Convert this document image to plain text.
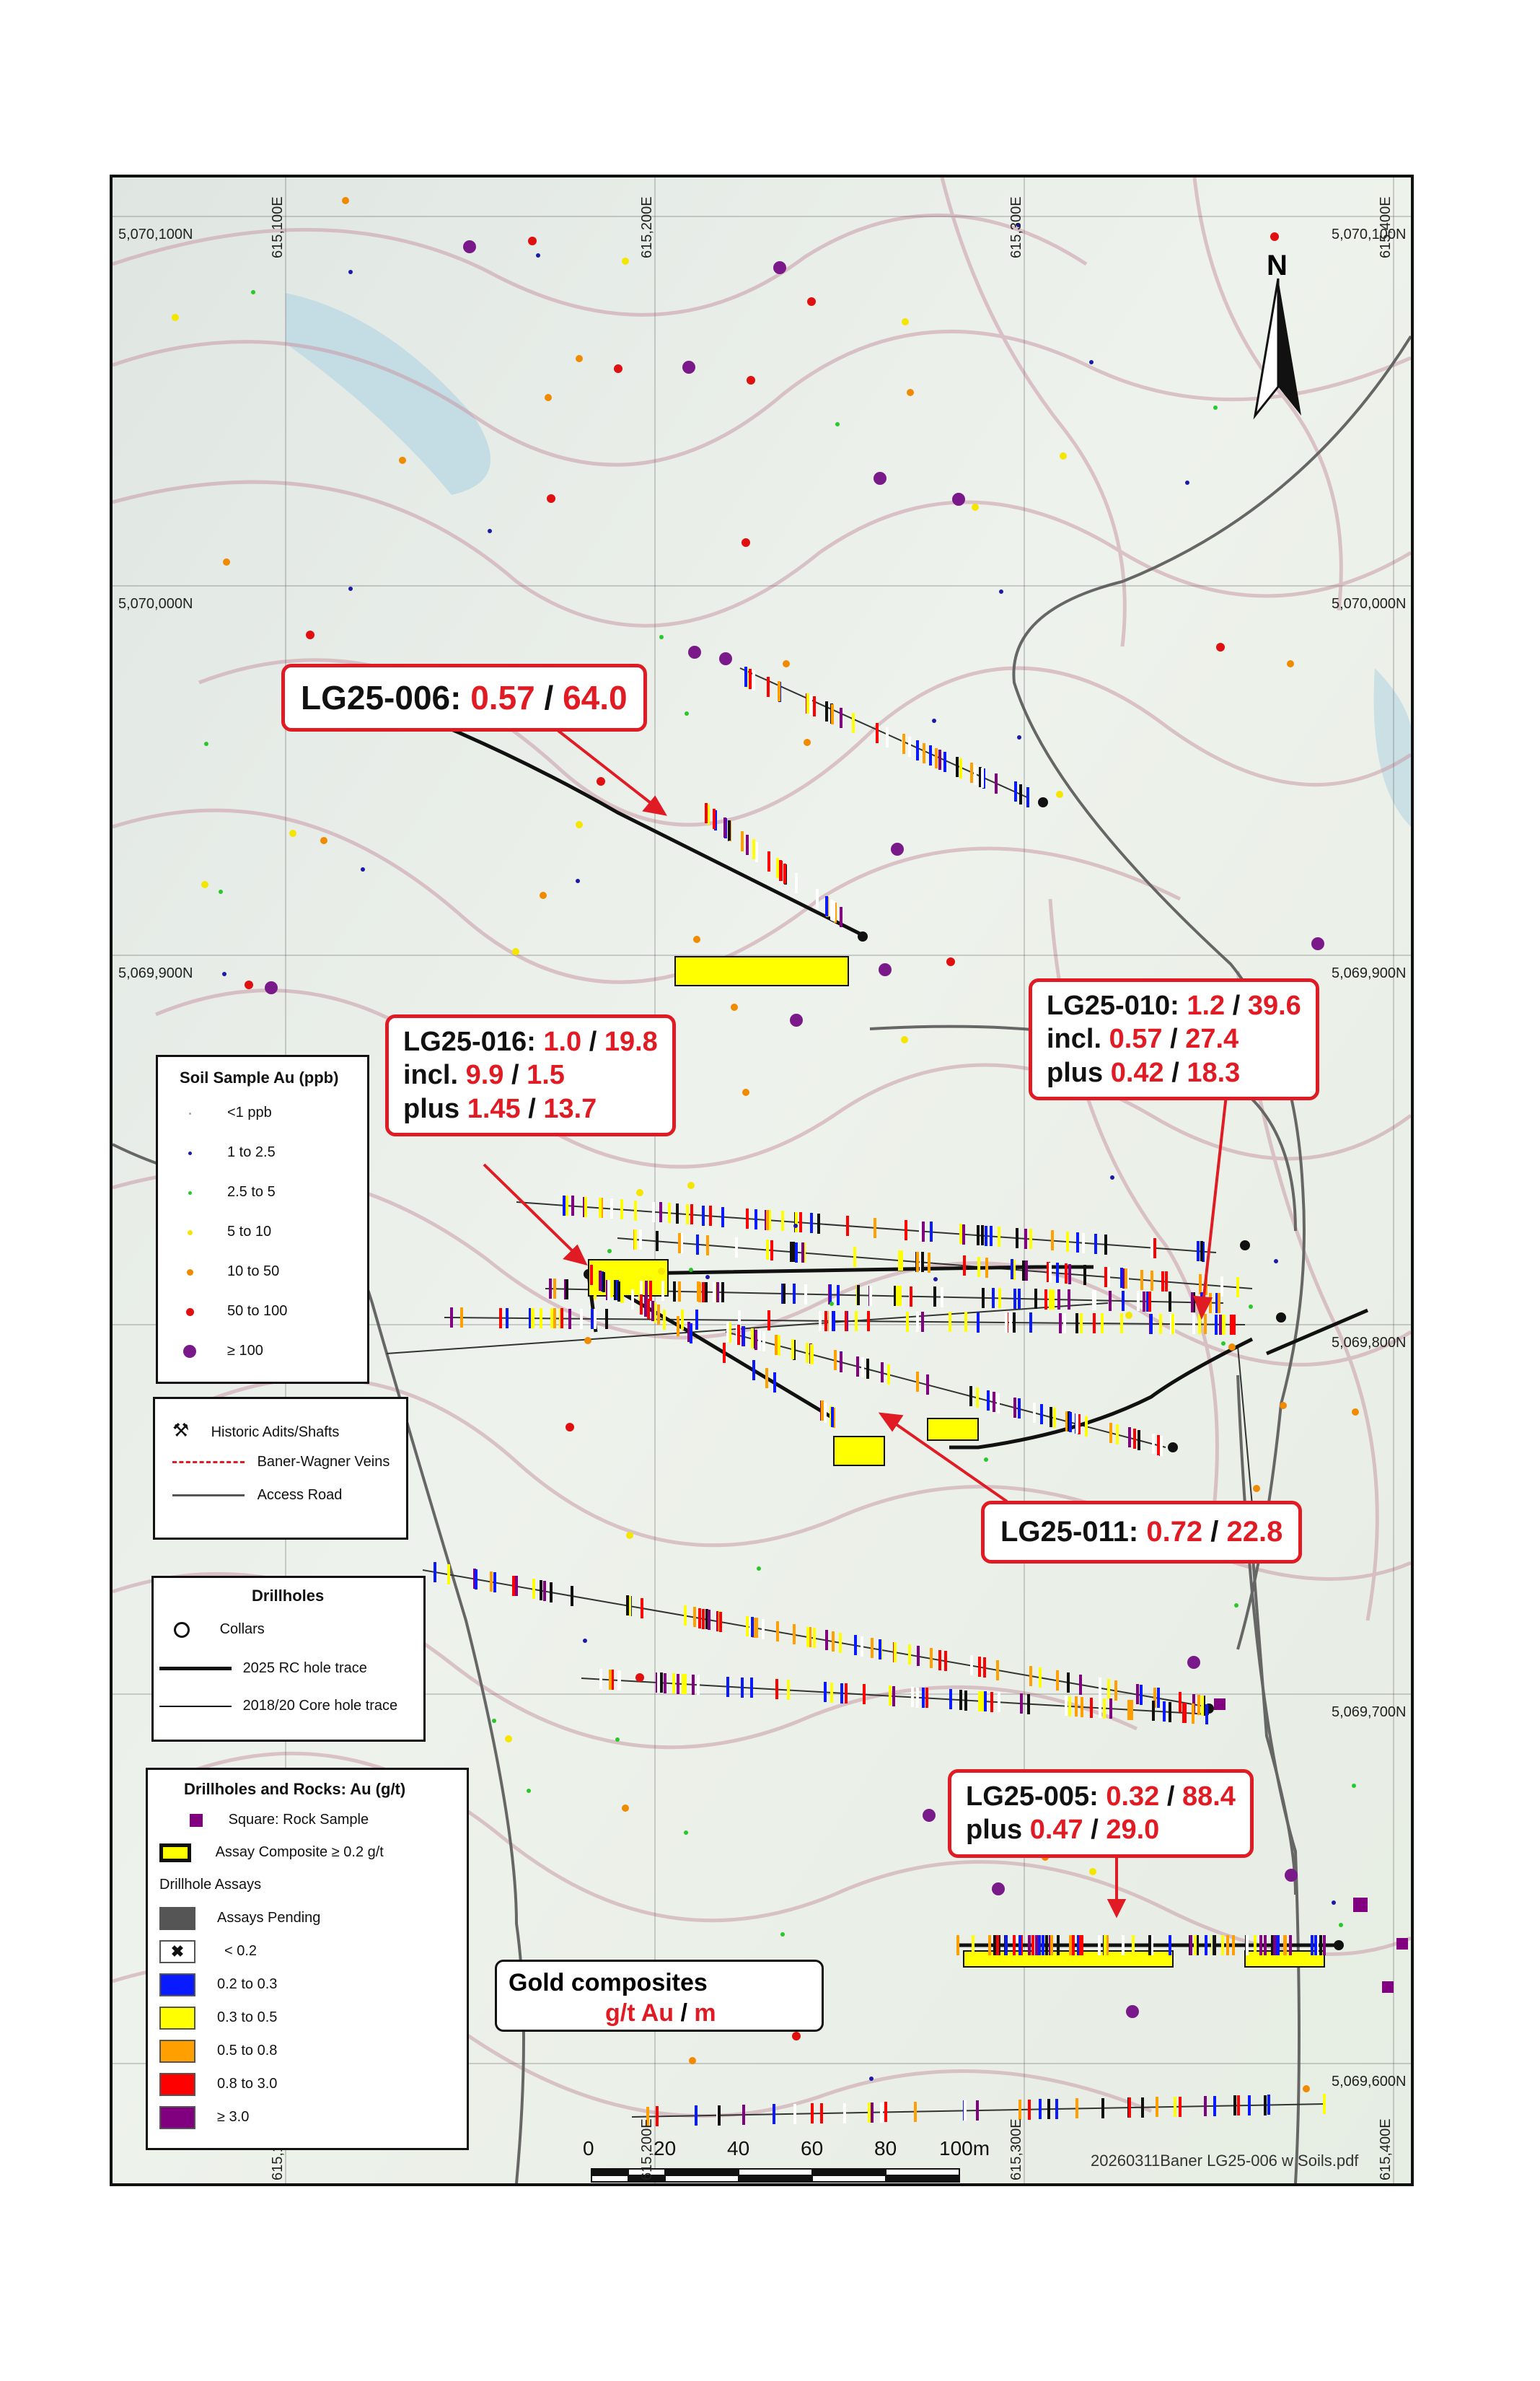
5,070,100N	5,070,100N
5,070,000N	5,070,000N
5,069,900N	5,069,900N
5,069,800N
5,069,700N
5,069,600N
615,100E	615,200E	615,300E	615,400E
615,300E
615,200E	615,400E
N
LG25-006: 0.57 / 64.0
LG25-010: 1.2 / 39.6
incl. 0.57 / 27.4
plus 0.42 / 18.3
LG25-016: 1.0 / 19.8
incl. 9.9 / 1.5
plus 1.45 / 13.7
LG25-011: 0.72 / 22.8
LG25-005: 0.32 / 88.4
plus 0.47 / 29.0
Soil Sample Au (ppb)
<1 ppb
1 to 2.5
2.5 to 5
5 to 10
10 to 50
50 to 100
≥ 100
⚒ Historic Adits/Shafts
Baner-Wagner Veins
Access Road
Drillholes
Collars
2025 RC hole trace
2018/20 Core hole trace
Drillholes and Rocks: Au (g/t)
Square: Rock Sample
Assay Composite ≥ 0.2 g/t
Drillhole Assays
Assays Pending
✖	< 0.2
0.2 to 0.3
0.3 to 0.5
0.5 to 0.8
0.8 to 3.0
≥ 3.0
Gold composites
g/t Au / m
0	20	40	60	80 100m
20260311Baner LG25-006 w Soils.pdf
